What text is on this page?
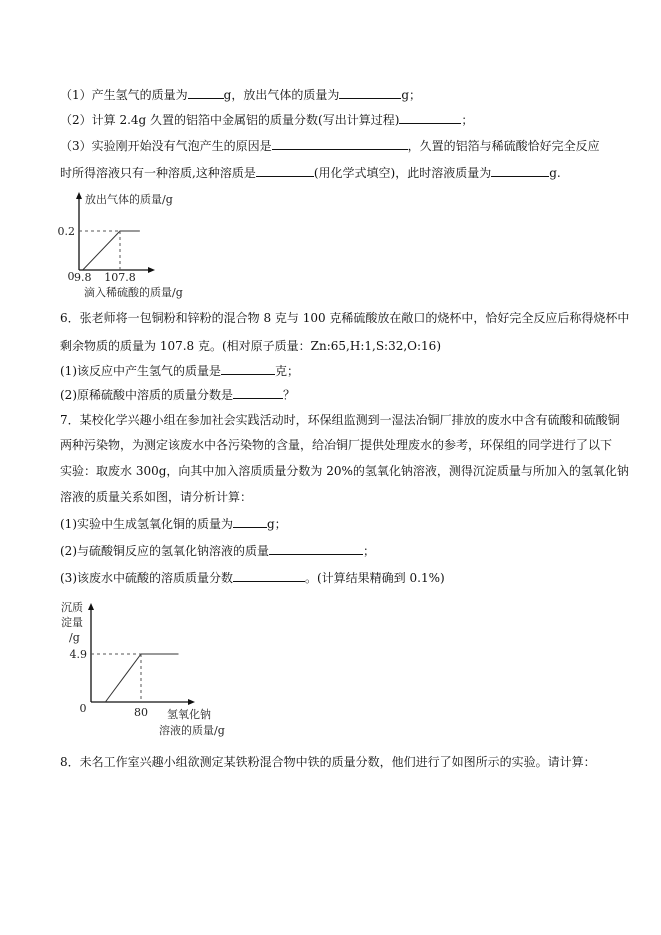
（1）产生氢气的质量为	g，放出气体的质量为	g；
（2）计算 2.4g 久置的铝箔中金属铝的质量分数(写出计算过程)	；
（3）实验刚开始没有气泡产生的原因是	，久置的铝箔与稀硫酸恰好完全反应
时所得溶液只有一种溶质,这种溶质是	(用化学式填空)，此时溶液质量为	g.
6．张老师将一包铜粉和锌粉的混合物 8 克与 100 克稀硫酸放在敞口的烧杯中，恰好完全反应后称得烧杯中
剩余物质的质量为 107.8 克。(相对原子质量：Zn:65,H:1,S:32,O:16)
(1)该反应中产生氢气的质量是	克；
(2)原稀硫酸中溶质的质量分数是	？
7．某校化学兴趣小组在参加社会实践活动时，环保组监测到一湿法冶铜厂排放的废水中含有硫酸和硫酸铜
两种污染物，为测定该废水中各污染物的含量，给冶铜厂提供处理废水的参考，环保组的同学进行了以下
实验：取废水 300g，向其中加入溶质质量分数为 20%的氢氧化钠溶液，测得沉淀质量与所加入的氢氧化钠
溶液的质量关系如图，请分析计算：
(1)实验中生成氢氧化铜的质量为	g；
(2)与硫酸铜反应的氢氧化钠溶液的质量	；
(3)该废水中硫酸的溶质质量分数	。(计算结果精确到 0.1%)
8．未名工作室兴趣小组欲测定某铁粉混合物中铁的质量分数，他们进行了如图所示的实验。请计算：
0 9.8 107.8
0.2
放出气体的质量/g
滴入稀硫酸的质量/g
0	80
4.9
沉质
淀量
/g
氢氧化钠
溶液的质量/g
